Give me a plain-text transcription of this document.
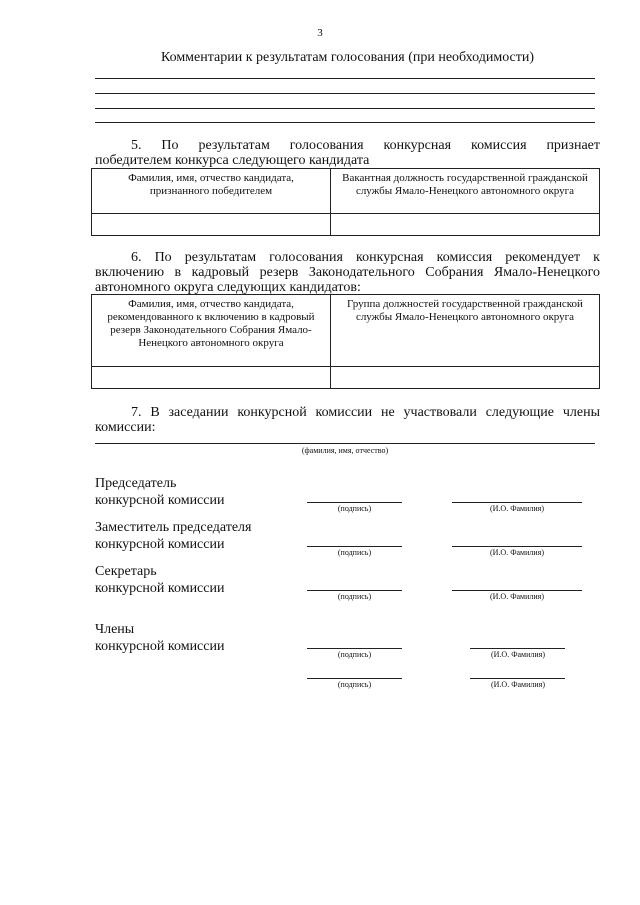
3
Комментарии к результатам голосования (при необходимости)
5. По результатам голосования конкурсная комиссия признает
победителем конкурса следующего кандидата
Фамилия, имя, отчество кандидата, признанного победителем	Вакантная должность государственной гражданской службы Ямало-Ненецкого автономного округа

6. По результатам голосования конкурсная комиссия рекомендует к
включению в кадровый резерв Законодательного Собрания Ямало-Ненецкого
автономного округа следующих кандидатов:
Фамилия, имя, отчество кандидата, рекомендованного к включению в кадровый резерв Законодательного Собрания Ямало-Ненецкого автономного округа	Группа должностей государственной гражданской службы Ямало-Ненецкого автономного округа

7. В заседании конкурсной комиссии не участвовали следующие члены
комиссии:
(фамилия, имя, отчество)
Председатель
конкурсной комиссии
(подпись)	(И.О. Фамилия)
Заместитель председателя
конкурсной комиссии
(подпись)	(И.О. Фамилия)
Секретарь
конкурсной комиссии
(подпись)	(И.О. Фамилия)
Члены
конкурсной комиссии
(подпись)	(И.О. Фамилия)
(подпись)	(И.О. Фамилия)
